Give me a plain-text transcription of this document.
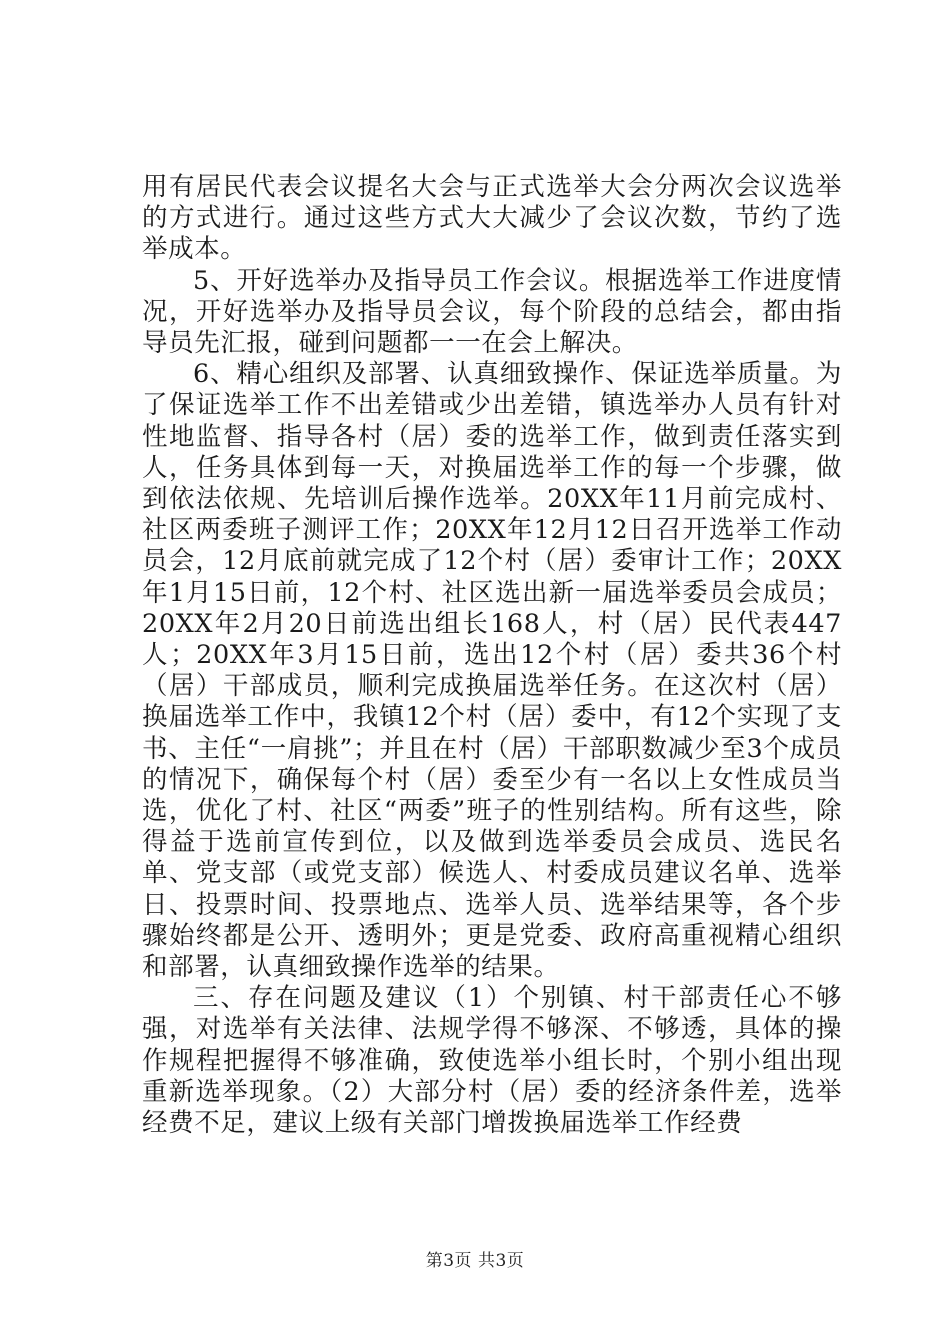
用有居民代表会议提名大会与正式选举大会分两次会议选举的方式进行。通过这些方式大大减少了会议次数，节约了选举成本。

5、开好选举办及指导员工作会议。根据选举工作进度情况，开好选举办及指导员会议，每个阶段的总结会，都由指导员先汇报，碰到问题都一一在会上解决。

6、精心组织及部署、认真细致操作、保证选举质量。为了保证选举工作不出差错或少出差错，镇选举办人员有针对性地监督、指导各村（居）委的选举工作，做到责任落实到人，任务具体到每一天，对换届选举工作的每一个步骤，做到依法依规、先培训后操作选举。20XX年11月前完成村、社区两委班子测评工作；20XX年12月12日召开选举工作动员会，12月底前就完成了12个村（居）委审计工作；20XX年1月15日前，12个村、社区选出新一届选举委员会成员；20XX年2月20日前选出组长168人，村（居）民代表447人；20XX年3月15日前，选出12个村（居）委共36个村（居）干部成员，顺利完成换届选举任务。在这次村（居）换届选举工作中，我镇12个村（居）委中，有12个实现了支书、主任“一肩挑”；并且在村（居）干部职数减少至3个成员的情况下，确保每个村（居）委至少有一名以上女性成员当选，优化了村、社区“两委”班子的性别结构。所有这些，除得益于选前宣传到位，以及做到选举委员会成员、选民名单、党支部（或党支部）候选人、村委成员建议名单、选举日、投票时间、投票地点、选举人员、选举结果等，各个步骤始终都是公开、透明外；更是党委、政府高重视精心组织和部署，认真细致操作选举的结果。

三、存在问题及建议（1）个别镇、村干部责任心不够强，对选举有关法律、法规学得不够深、不够透，具体的操作规程把握得不够准确，致使选举小组长时，个别小组出现重新选举现象。（2）大部分村（居）委的经济条件差，选举经费不足，建议上级有关部门增拨换届选举工作经费

第3页 共3页
